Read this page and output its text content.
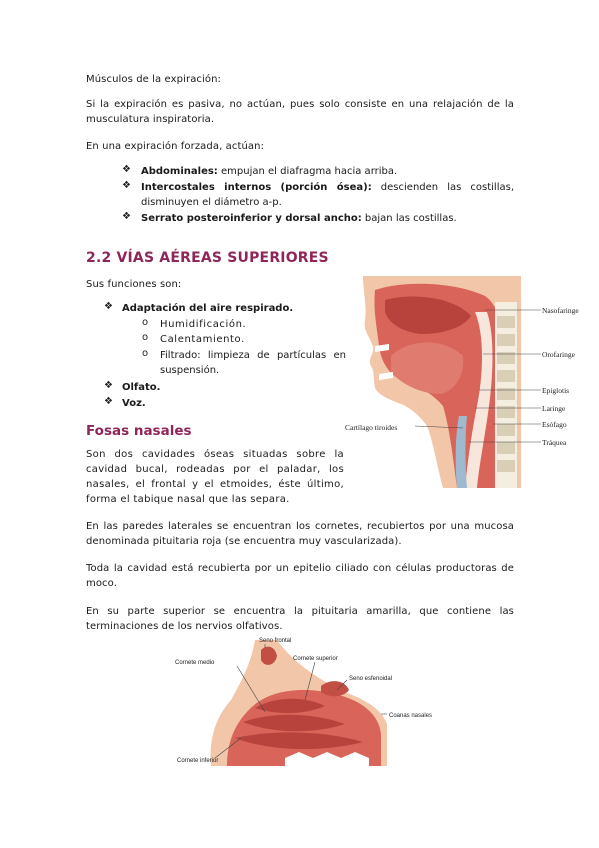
Músculos de la expiración:

Si la expiración es pasiva, no actúan, pues solo consiste en una relajación de la musculatura inspiratoria.

En una expiración forzada, actúan:

❖ Abdominales: empujan el diafragma hacia arriba.

❖ Intercostales internos (porción ósea): descienden las costillas, disminuyen el diámetro a-p.

❖ Serrato posteroinferior y dorsal ancho: bajan las costillas.

2.2 VÍAS AÉREAS SUPERIORES

Sus funciones son:

❖ Adaptación del aire respirado.

o Humidificación.

o Calentamiento.

o Filtrado: limpieza de partículas en suspensión.

❖ Olfato.

❖ Voz.

Fosas nasales

Son dos cavidades óseas situadas sobre la cavidad bucal, rodeadas por el paladar, los nasales, el frontal y el etmoides, éste último, forma el tabique nasal que las separa.

En las paredes laterales se encuentran los cornetes, recubiertos por una mucosa denominada pituitaria roja (se encuentra muy vascularizada).

Toda la cavidad está recubierta por un epitelio ciliado con células productoras de moco.

En su parte superior se encuentra la pituitaria amarilla, que contiene las terminaciones de los nervios olfativos.

Nasofaringe
Orofaringe
Epiglotis
Laringe
Esófago
Tráquea
Cartílago tiroides
Seno frontal
Cornete medio
Cornete superior
Seno esfenoidal
Coanas nasales
Cornete inferior
